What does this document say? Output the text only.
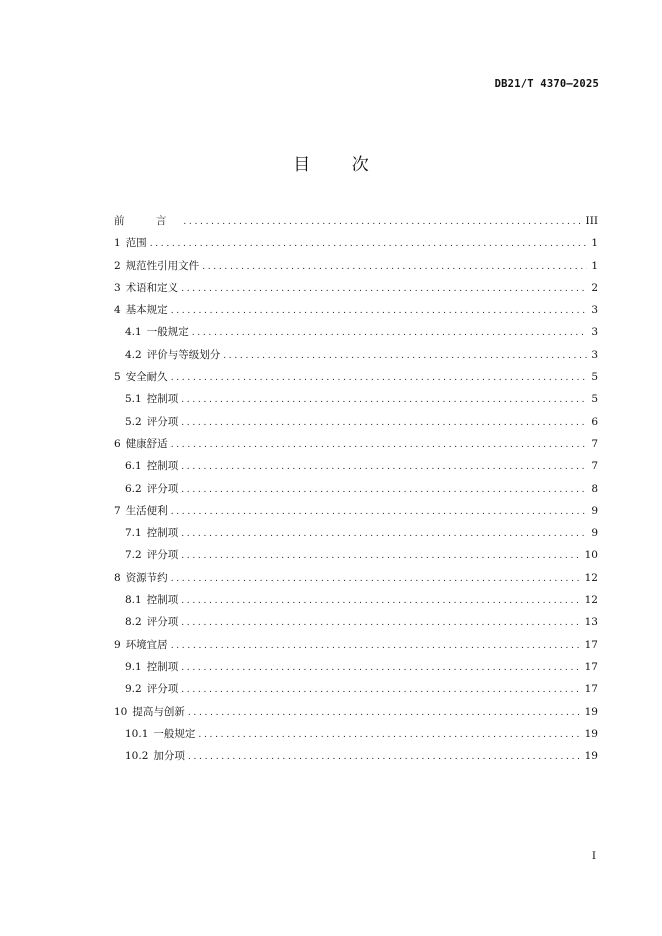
DB21/T 4370—2025
目 次
前 言 .....	III
1 范围 .....	1
2 规范性引用文件 .....	1
3 术语和定义 .....	2
4 基本规定 .....	3
4.1 一般规定 .....	3
4.2 评价与等级划分 .....	3
5 安全耐久 .....	5
5.1 控制项 .....	5
5.2 评分项 .....	6
6 健康舒适 .....	7
6.1 控制项 .....	7
6.2 评分项 .....	8
7 生活便利 .....	9
7.1 控制项 .....	9
7.2 评分项 .....	10
8 资源节约 .....	12
8.1 控制项 .....	12
8.2 评分项 .....	13
9 环境宜居 .....	17
9.1 控制项 .....	17
9.2 评分项 .....	17
10 提高与创新 .....	19
10.1 一般规定 .....	19
10.2 加分项 .....	19
I
